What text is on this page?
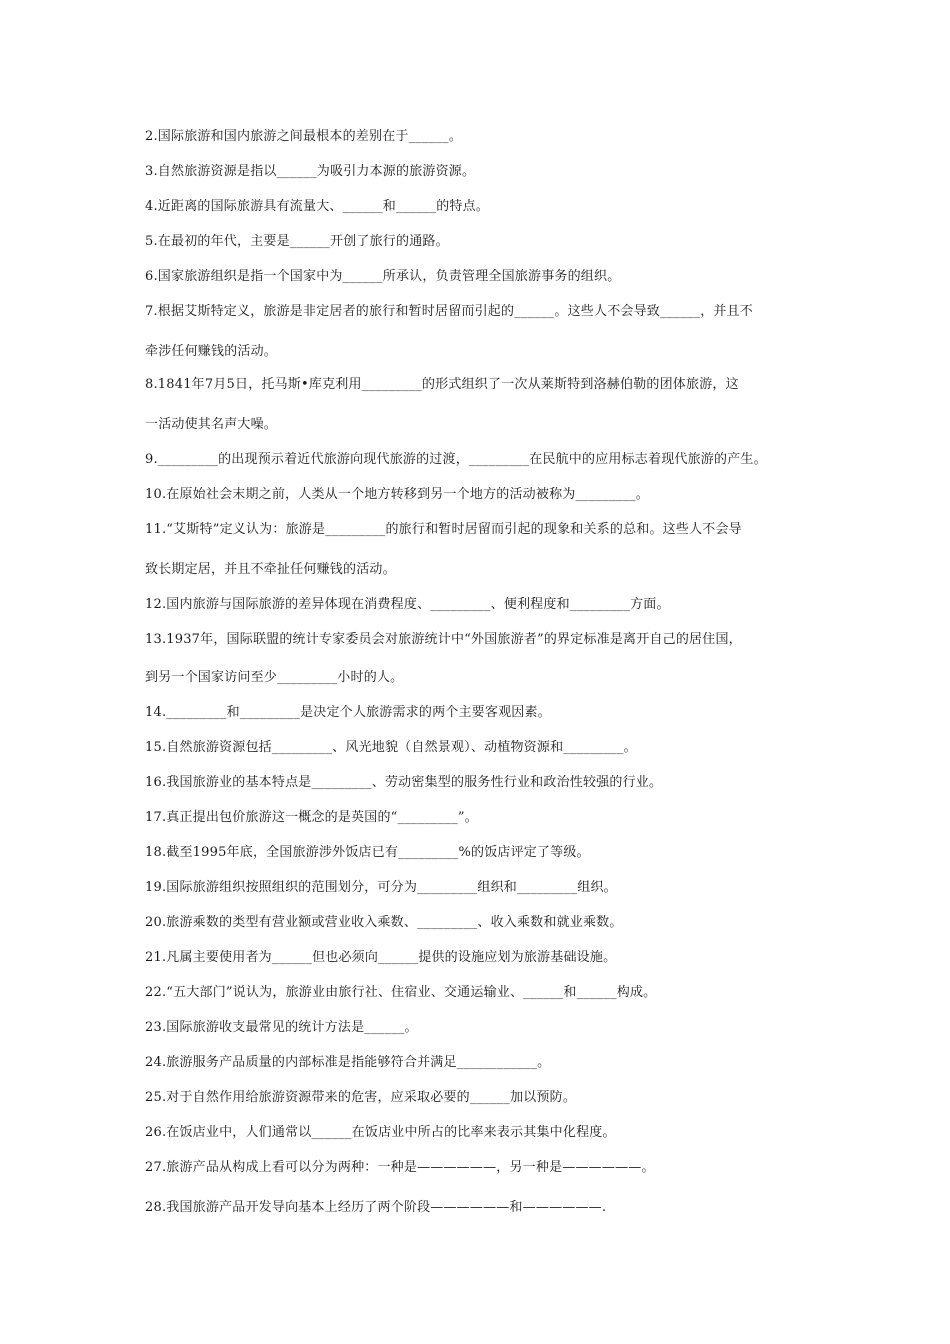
2.国际旅游和国内旅游之间最根本的差别在于______。

3.自然旅游资源是指以______为吸引力本源的旅游资源。

4.近距离的国际旅游具有流量大、______和______的特点。

5.在最初的年代，主要是______开创了旅行的通路。

6.国家旅游组织是指一个国家中为______所承认，负责管理全国旅游事务的组织。

7.根据艾斯特定义，旅游是非定居者的旅行和暂时居留而引起的______。这些人不会导致______，并且不

牵涉任何赚钱的活动。

8.1841年7月5日，托马斯•库克利用_________的形式组织了一次从莱斯特到洛赫伯勒的团体旅游，这

一活动使其名声大噪。

9._________的出现预示着近代旅游向现代旅游的过渡，_________在民航中的应用标志着现代旅游的产生。

10.在原始社会末期之前，人类从一个地方转移到另一个地方的活动被称为_________。

11.“艾斯特”定义认为：旅游是_________的旅行和暂时居留而引起的现象和关系的总和。这些人不会导

致长期定居，并且不牵扯任何赚钱的活动。

12.国内旅游与国际旅游的差异体现在消费程度、_________、便利程度和_________方面。

13.1937年，国际联盟的统计专家委员会对旅游统计中“外国旅游者”的界定标准是离开自己的居住国，

到另一个国家访问至少_________小时的人。

14._________和_________是决定个人旅游需求的两个主要客观因素。

15.自然旅游资源包括_________、风光地貌（自然景观）、动植物资源和_________。

16.我国旅游业的基本特点是_________、劳动密集型的服务性行业和政治性较强的行业。

17.真正提出包价旅游这一概念的是英国的“_________”。

18.截至1995年底，全国旅游涉外饭店已有_________%的饭店评定了等级。

19.国际旅游组织按照组织的范围划分，可分为_________组织和_________组织。

20.旅游乘数的类型有营业额或营业收入乘数、_________、收入乘数和就业乘数。

21.凡属主要使用者为______但也必须向______提供的设施应划为旅游基础设施。

22.“五大部门”说认为，旅游业由旅行社、住宿业、交通运输业、______和______构成。

23.国际旅游收支最常见的统计方法是______。

24.旅游服务产品质量的内部标准是指能够符合并满足____________。

25.对于自然作用给旅游资源带来的危害，应采取必要的______加以预防。

26.在饭店业中，人们通常以______在饭店业中所占的比率来表示其集中化程度。

27.旅游产品从构成上看可以分为两种：一种是——————，另一种是——————。

28.我国旅游产品开发导向基本上经历了两个阶段——————和——————.
